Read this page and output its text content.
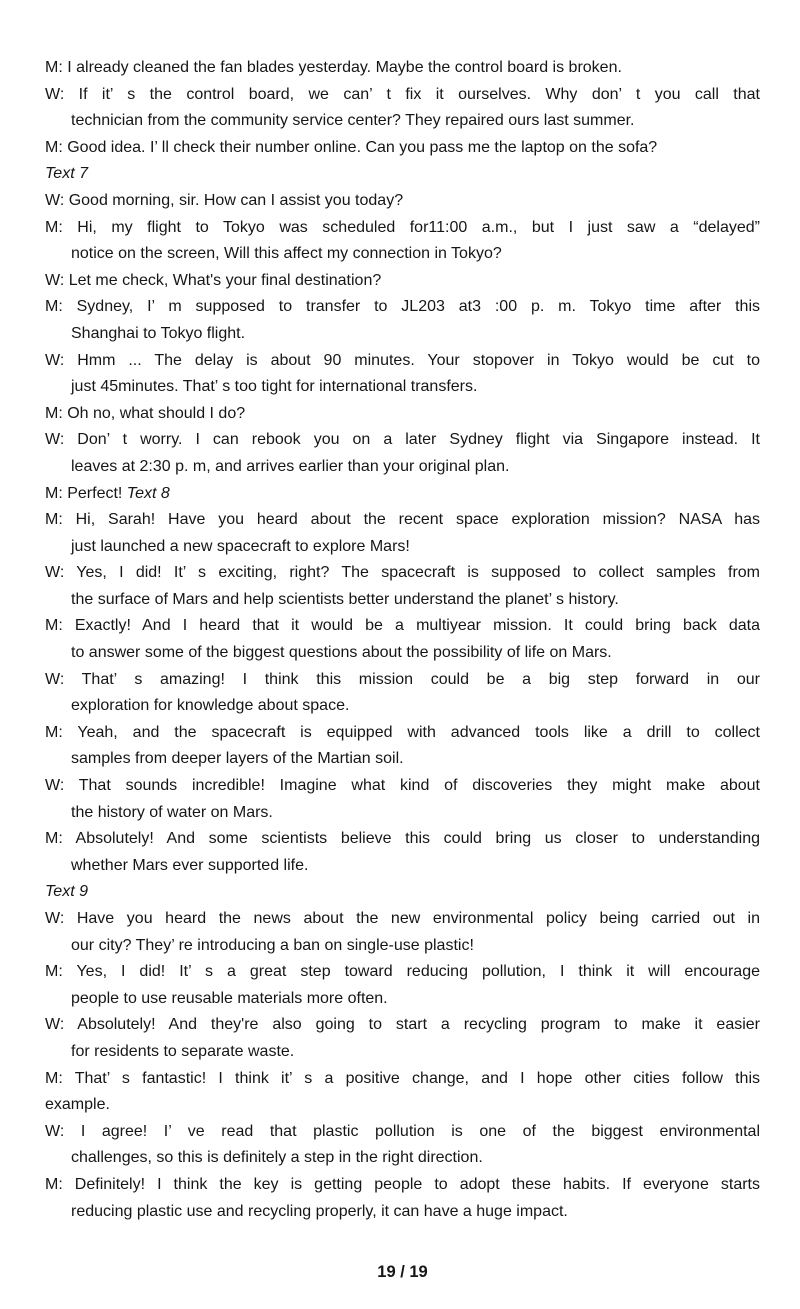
M: I already cleaned the fan blades yesterday. Maybe the control board is broken.
W: If it’ s the control board, we can’ t fix it ourselves. Why don’ t you call that
technician from the community service center? They repaired ours last summer.
M: Good idea. I’ ll check their number online. Can you pass me the laptop on the sofa?
Text 7
W: Good morning, sir. How can I assist you today?
M: Hi, my flight to Tokyo was scheduled for11:00 a.m., but I just saw a “delayed”
notice on the screen, Will this affect my connection in Tokyo?
W: Let me check, What's your final destination?
M: Sydney, I’ m supposed to transfer to JL203 at3 :00 p. m. Tokyo time after this
Shanghai to Tokyo flight.
W: Hmm ... The delay is about 90 minutes. Your stopover in Tokyo would be cut to
just 45minutes. That’ s too tight for international transfers.
M: Oh no, what should I do?
W: Don’ t worry. I can rebook you on a later Sydney flight via Singapore instead. It
leaves at 2:30 p. m, and arrives earlier than your original plan.
M: Perfect! Text 8
M: Hi, Sarah! Have you heard about the recent space exploration mission? NASA has
just launched a new spacecraft to explore Mars!
W: Yes, I did! It’ s exciting, right? The spacecraft is supposed to collect samples from
the surface of Mars and help scientists better understand the planet’ s history.
M: Exactly! And I heard that it would be a multiyear mission. It could bring back data
to answer some of the biggest questions about the possibility of life on Mars.
W: That’ s amazing! I think this mission could be a big step forward in our
exploration for knowledge about space.
M: Yeah, and the spacecraft is equipped with advanced tools like a drill to collect
samples from deeper layers of the Martian soil.
W: That sounds incredible! Imagine what kind of discoveries they might make about
the history of water on Mars.
M: Absolutely! And some scientists believe this could bring us closer to understanding
whether Mars ever supported life.
Text 9
W: Have you heard the news about the new environmental policy being carried out in
our city? They’ re introducing a ban on single-use plastic!
M: Yes, I did! It’ s a great step toward reducing pollution, I think it will encourage
people to use reusable materials more often.
W: Absolutely! And they're also going to start a recycling program to make it easier
for residents to separate waste.
M: That’ s fantastic! I think it’ s a positive change, and I hope other cities follow this
example.
W: I agree! I’ ve read that plastic pollution is one of the biggest environmental
challenges, so this is definitely a step in the right direction.
M: Definitely! I think the key is getting people to adopt these habits. If everyone starts
reducing plastic use and recycling properly, it can have a huge impact.
19 / 19
